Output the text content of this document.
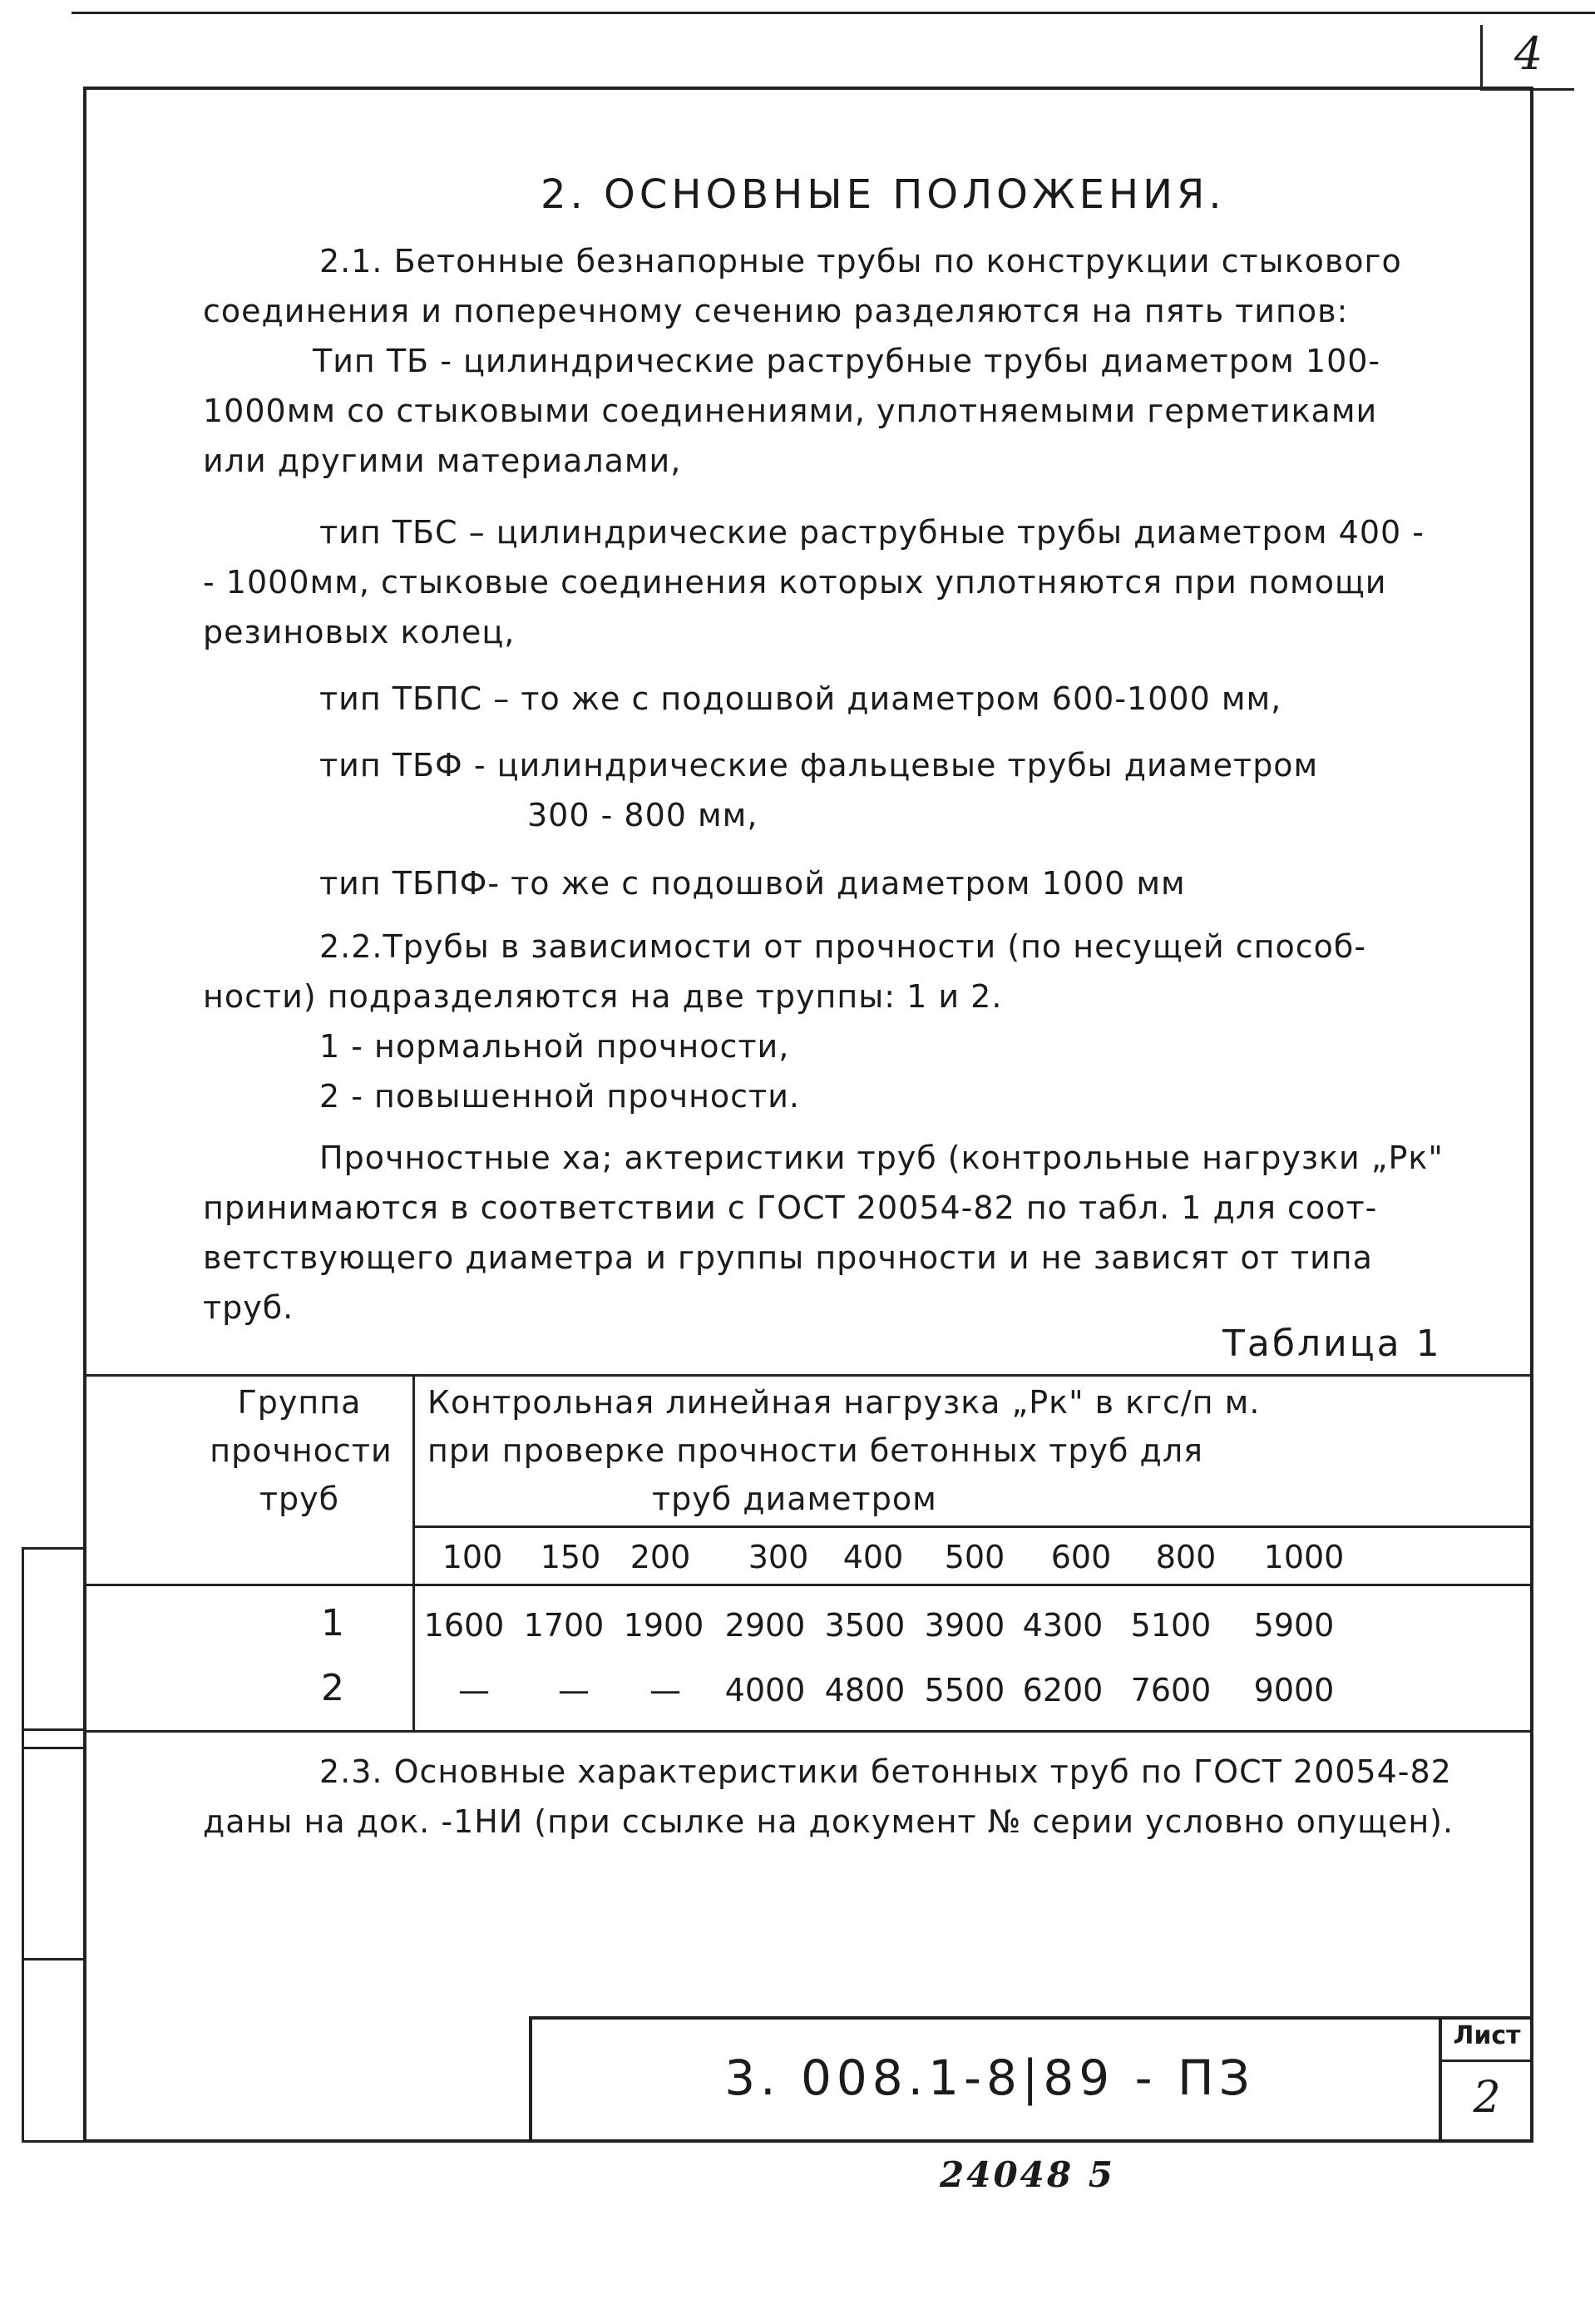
4
2. ОСНОВНЫЕ ПОЛОЖЕНИЯ.
2.1. Бетонные безнапорные трубы по конструкции стыкового
соединения и поперечному сечению разделяются на пять типов:
Тип ТБ - цилиндрические раструбные трубы диаметром 100-
1000мм со стыковыми соединениями, уплотняемыми герметиками
или другими материалами,
тип ТБС – цилиндрические раструбные трубы диаметром 400 -
- 1000мм, стыковые соединения которых уплотняются при помощи
резиновых колец,
тип ТБПС – то же с подошвой диаметром 600-1000 мм,
тип ТБФ - цилиндрические фальцевые трубы диаметром
300 - 800 мм,
тип ТБПФ- то же с подошвой диаметром 1000 мм
2.2.Трубы в зависимости от прочности (по несущей способ-
ности) подразделяются на две труппы: 1 и 2.
1 - нормальной прочности,
2 - повышенной прочности.
Прочностные ха; актеристики труб (контрольные нагрузки „Рк"
принимаются в соответствии с ГОСТ 20054-82 по табл. 1 для соот-
ветствующего диаметра и группы прочности и не зависят от типа
труб.
Таблица 1
Группа
прочности
труб
Контрольная линейная нагрузка „Рк" в кгс/п м.
при проверке прочности бетонных труб для
труб диаметром
100	150 200	300	400	500	600	800	1000
1	1600 1700 1900 2900 3500 3900 4300 5100	5900
2	—	—	—	4000 4800 5500 6200 7600	9000
2.3. Основные характеристики бетонных труб по ГОСТ 20054-82
даны на док. -1НИ (при ссылке на документ № серии условно опущен).
3. 008.1-8|89 - ПЗ
Лист
2
24048 5
